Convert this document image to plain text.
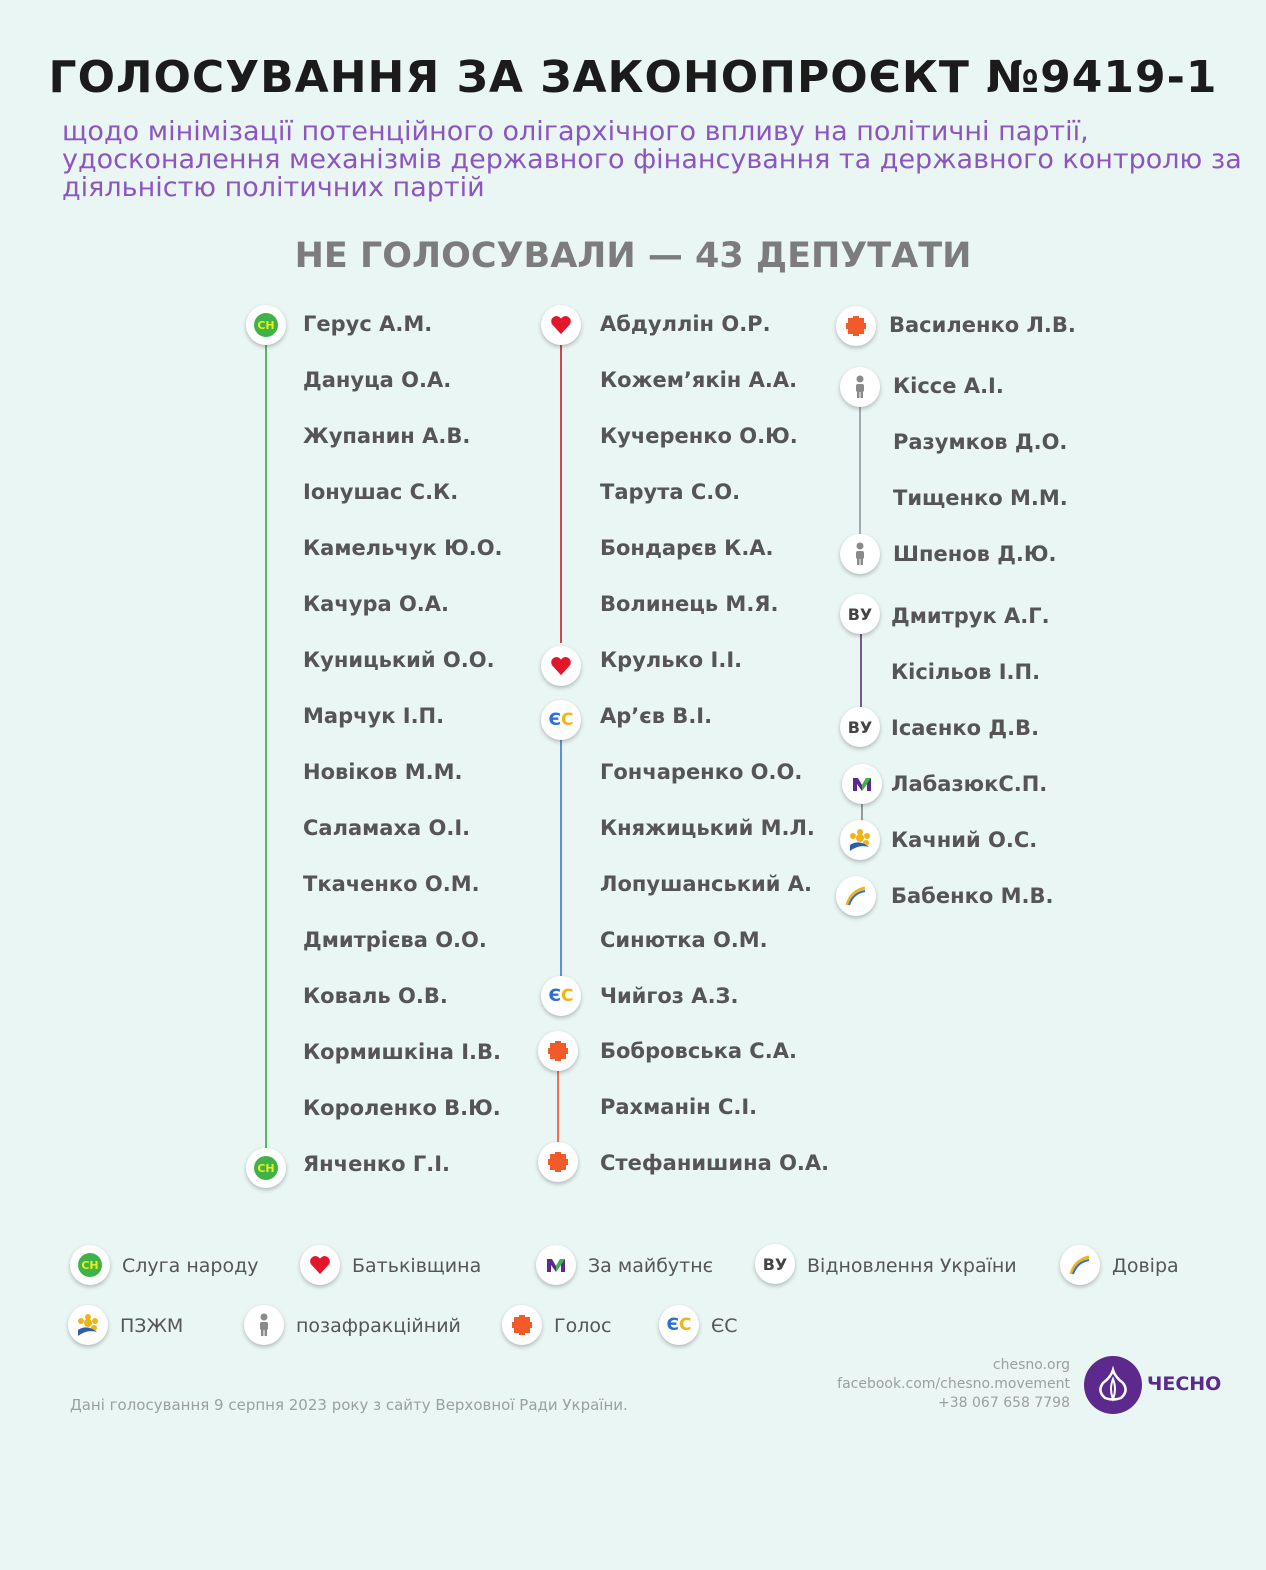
ГОЛОСУВАННЯ ЗА ЗАКОНОПРОЄКТ №9419-1
щодо мінімізації потенційного олігархічного впливу на політичні партії,
удосконалення механізмів державного фінансування та державного контролю за
діяльністю політичних партій
НЕ ГОЛОСУВАЛИ — 43 ДЕПУТАТИ
СН
СН
Є С
Є С
ВУ
ВУ
Герус А.М.
Дануца О.А.
Жупанин А.В.
Іонушас С.К.
Камельчук Ю.О.
Качура О.А.
Куницький О.О.
Марчук І.П.
Новіков М.М.
Саламаха О.І.
Ткаченко О.М.
Дмитрієва О.О.
Коваль О.В.
Кормишкіна І.В.
Короленко В.Ю.
Янченко Г.І.
Абдуллін О.Р.
Кожем’якін А.А.
Кучеренко О.Ю.
Тарута С.О.
Бондарєв К.А.
Волинець М.Я.
Крулько І.І.
Ар’єв В.І.
Гончаренко О.О.
Княжицький М.Л.
Лопушанський А.
Синютка О.М.
Чийгоз А.З.
Бобровська С.А.
Рахманін С.І.
Стефанишина О.А.
Василенко Л.В.
Кісcе А.І.
Разумков Д.О.
Тищенко М.М.
Шпенов Д.Ю.
Дмитрук А.Г.
Кісільов І.П.
Ісаєнко Д.В.
ЛабазюкС.П.
Качний О.С.
Бабенко М.В.
СН Слуга народу	Батьківщина	За майбутнє	ВУ	Відновлення України	Довіра
ПЗЖМ	позафракційний	Голос	Є С ЄС
Дані голосування 9 серпня 2023 року з сайту Верховної Ради України.
chesno.org
facebook.com/chesno.movement
+38 067 658 7798
ЧЕСНО
